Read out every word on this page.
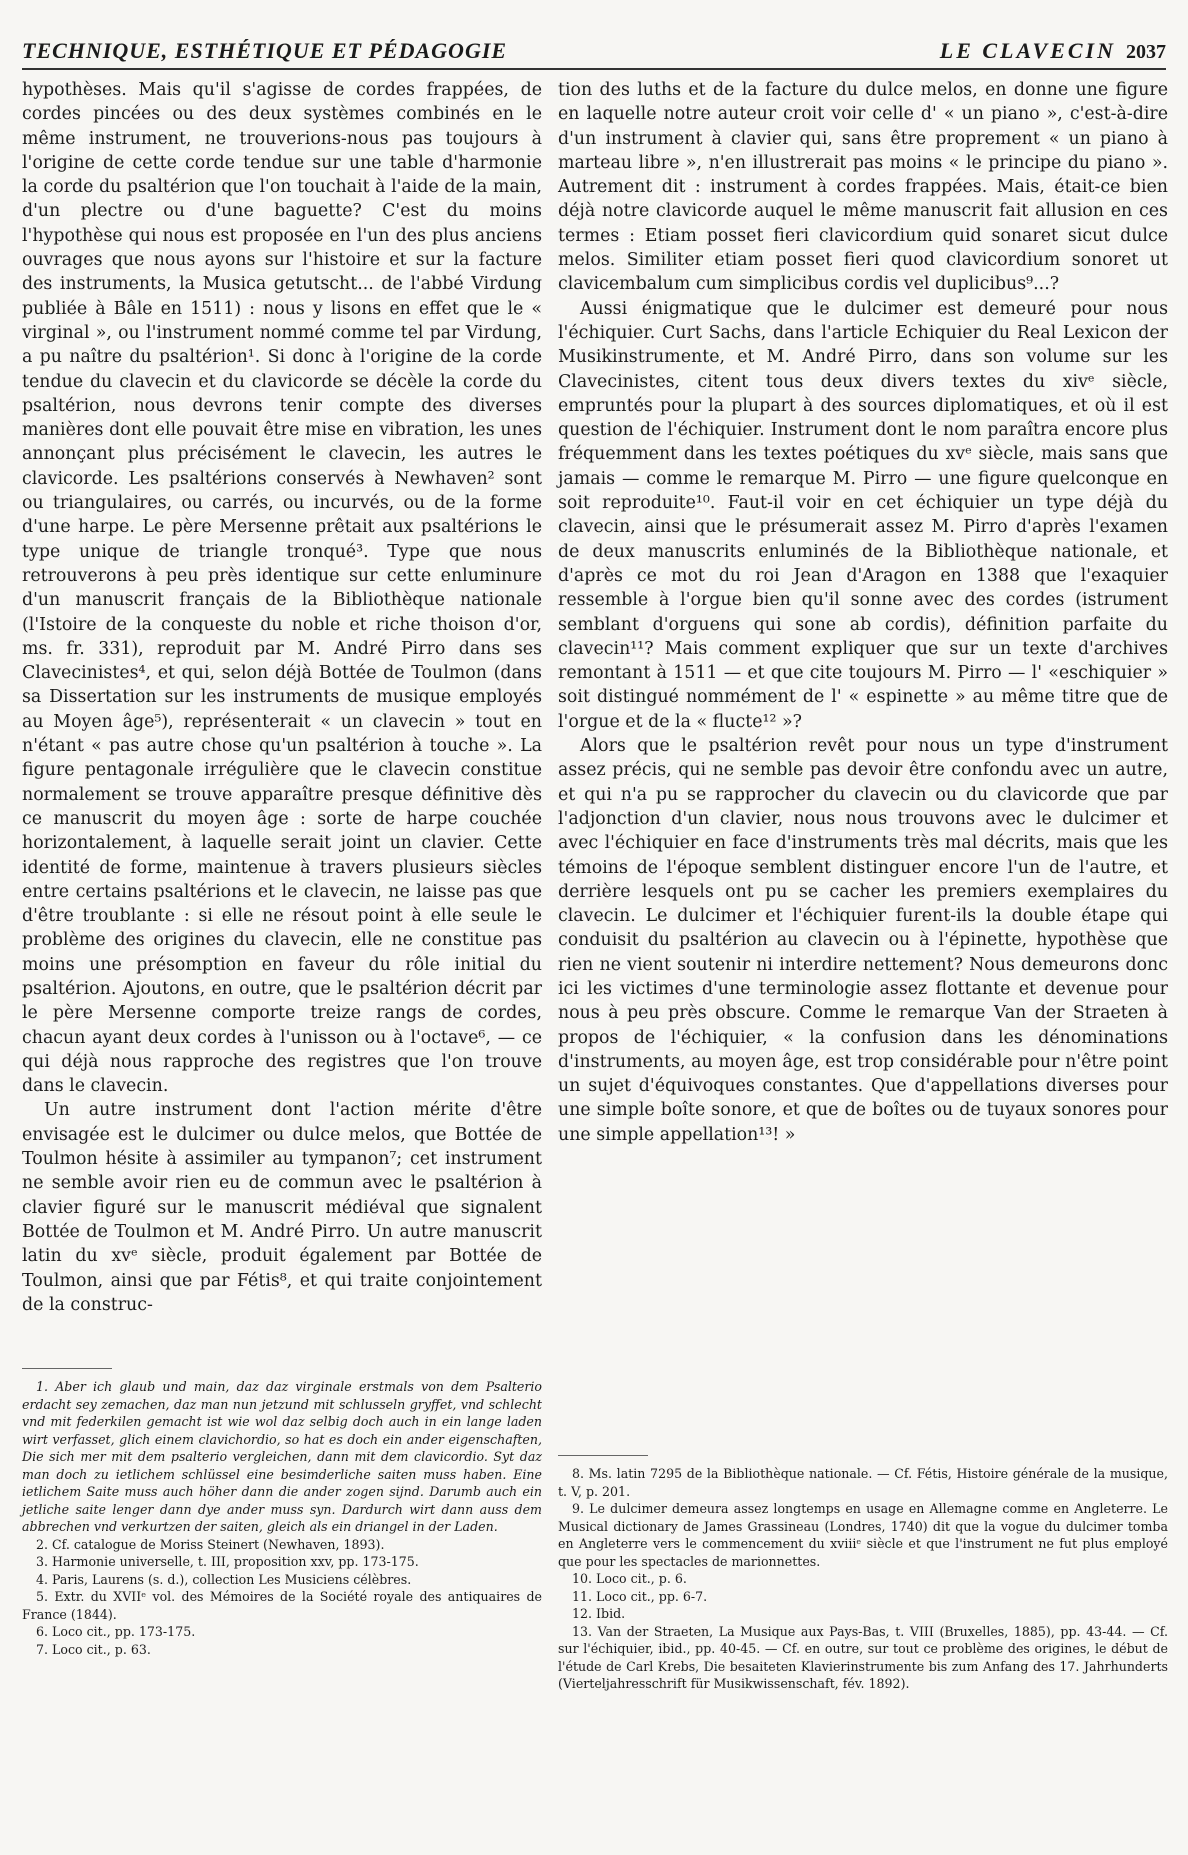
TECHNIQUE, ESTHÉTIQUE ET PÉDAGOGIE	LE CLAVECIN 2037

hypothèses. Mais qu'il s'agisse de cordes frappées, de cordes pincées ou des deux systèmes combinés en le même instrument, ne trouverions-nous pas toujours à l'origine de cette corde tendue sur une table d'harmonie la corde du psaltérion que l'on touchait à l'aide de la main, d'un plectre ou d'une baguette? C'est du moins l'hypothèse qui nous est proposée en l'un des plus anciens ouvrages que nous ayons sur l'histoire et sur la facture des instruments, la Musica getutscht... de l'abbé Virdung publiée à Bâle en 1511) : nous y lisons en effet que le « virginal », ou l'instrument nommé comme tel par Virdung, a pu naître du psaltérion¹. Si donc à l'origine de la corde tendue du clavecin et du clavicorde se décèle la corde du psaltérion, nous devrons tenir compte des diverses manières dont elle pouvait être mise en vibration, les unes annonçant plus précisément le clavecin, les autres le clavicorde. Les psaltérions conservés à Newhaven² sont ou triangulaires, ou carrés, ou incurvés, ou de la forme d'une harpe. Le père Mersenne prêtait aux psaltérions le type unique de triangle tronqué³. Type que nous retrouverons à peu près identique sur cette enluminure d'un manuscrit français de la Bibliothèque nationale (l'Istoire de la conqueste du noble et riche thoison d'or, ms. fr. 331), reproduit par M. André Pirro dans ses Clavecinistes⁴, et qui, selon déjà Bottée de Toulmon (dans sa Dissertation sur les instruments de musique employés au Moyen âge⁵), représenterait « un clavecin » tout en n'étant « pas autre chose qu'un psaltérion à touche ». La figure pentagonale irrégulière que le clavecin constitue normalement se trouve apparaître presque définitive dès ce manuscrit du moyen âge : sorte de harpe couchée horizontalement, à laquelle serait joint un clavier. Cette identité de forme, maintenue à travers plusieurs siècles entre certains psaltérions et le clavecin, ne laisse pas que d'être troublante : si elle ne résout point à elle seule le problème des origines du clavecin, elle ne constitue pas moins une présomption en faveur du rôle initial du psaltérion. Ajoutons, en outre, que le psaltérion décrit par le père Mersenne comporte treize rangs de cordes, chacun ayant deux cordes à l'unisson ou à l'octave⁶, — ce qui déjà nous rapproche des registres que l'on trouve dans le clavecin.

Un autre instrument dont l'action mérite d'être envisagée est le dulcimer ou dulce melos, que Bottée de Toulmon hésite à assimiler au tympanon⁷; cet instrument ne semble avoir rien eu de commun avec le psaltérion à clavier figuré sur le manuscrit médiéval que signalent Bottée de Toulmon et M. André Pirro. Un autre manuscrit latin du xvᵉ siècle, produit également par Bottée de Toulmon, ainsi que par Fétis⁸, et qui traite conjointement de la construc-

tion des luths et de la facture du dulce melos, en donne une figure en laquelle notre auteur croit voir celle d' « un piano », c'est-à-dire d'un instrument à clavier qui, sans être proprement « un piano à marteau libre », n'en illustrerait pas moins « le principe du piano ». Autrement dit : instrument à cordes frappées. Mais, était-ce bien déjà notre clavicorde auquel le même manuscrit fait allusion en ces termes : Etiam posset fieri clavicordium quid sonaret sicut dulce melos. Similiter etiam posset fieri quod clavicordium sonoret ut clavicembalum cum simplicibus cordis vel duplicibus⁹...?

Aussi énigmatique que le dulcimer est demeuré pour nous l'échiquier. Curt Sachs, dans l'article Echiquier du Real Lexicon der Musikinstrumente, et M. André Pirro, dans son volume sur les Clavecinistes, citent tous deux divers textes du xivᵉ siècle, empruntés pour la plupart à des sources diplomatiques, et où il est question de l'échiquier. Instrument dont le nom paraîtra encore plus fréquemment dans les textes poétiques du xvᵉ siècle, mais sans que jamais — comme le remarque M. Pirro — une figure quelconque en soit reproduite¹⁰. Faut-il voir en cet échiquier un type déjà du clavecin, ainsi que le présumerait assez M. Pirro d'après l'examen de deux manuscrits enluminés de la Bibliothèque nationale, et d'après ce mot du roi Jean d'Aragon en 1388 que l'exaquier ressemble à l'orgue bien qu'il sonne avec des cordes (istrument semblant d'orguens qui sone ab cordis), définition parfaite du clavecin¹¹? Mais comment expliquer que sur un texte d'archives remontant à 1511 — et que cite toujours M. Pirro — l' «eschiquier » soit distingué nommément de l' « espinette » au même titre que de l'orgue et de la « flucte¹² »?

Alors que le psaltérion revêt pour nous un type d'instrument assez précis, qui ne semble pas devoir être confondu avec un autre, et qui n'a pu se rapprocher du clavecin ou du clavicorde que par l'adjonction d'un clavier, nous nous trouvons avec le dulcimer et avec l'échiquier en face d'instruments très mal décrits, mais que les témoins de l'époque semblent distinguer encore l'un de l'autre, et derrière lesquels ont pu se cacher les premiers exemplaires du clavecin. Le dulcimer et l'échiquier furent-ils la double étape qui conduisit du psaltérion au clavecin ou à l'épinette, hypothèse que rien ne vient soutenir ni interdire nettement? Nous demeurons donc ici les victimes d'une terminologie assez flottante et devenue pour nous à peu près obscure. Comme le remarque Van der Straeten à propos de l'échiquier, « la confusion dans les dénominations d'instruments, au moyen âge, est trop considérable pour n'être point un sujet d'équivoques constantes. Que d'appellations diverses pour une simple boîte sonore, et que de boîtes ou de tuyaux sonores pour une simple appellation¹³! »

1. Aber ich glaub und main, daz daz virginale erstmals von dem Psalterio erdacht sey zemachen, daz man nun jetzund mit schlusseln gryffet, vnd schlecht vnd mit federkilen gemacht ist wie wol daz selbig doch auch in ein lange laden wirt verfasset, glich einem clavichordio, so hat es doch ein ander eigenschaften, Die sich mer mit dem psalterio vergleichen, dann mit dem clavicordio. Syt daz man doch zu ietlichem schlüssel eine besimderliche saiten muss haben. Eine ietlichem Saite muss auch höher dann die ander zogen sijnd. Darumb auch ein jetliche saite lenger dann dye ander muss syn. Dardurch wirt dann auss dem abbrechen vnd verkurtzen der saiten, gleich als ein driangel in der Laden.

2. Cf. catalogue de Moriss Steinert (Newhaven, 1893).

3. Harmonie universelle, t. III, proposition xxv, pp. 173-175.

4. Paris, Laurens (s. d.), collection Les Musiciens célèbres.

5. Extr. du XVIIᵉ vol. des Mémoires de la Société royale des antiquaires de France (1844).

6. Loco cit., pp. 173-175.

7. Loco cit., p. 63.

8. Ms. latin 7295 de la Bibliothèque nationale. — Cf. Fétis, Histoire générale de la musique, t. V, p. 201.

9. Le dulcimer demeura assez longtemps en usage en Allemagne comme en Angleterre. Le Musical dictionary de James Grassineau (Londres, 1740) dit que la vogue du dulcimer tomba en Angleterre vers le commencement du xviiiᵉ siècle et que l'instrument ne fut plus employé que pour les spectacles de marionnettes.

10. Loco cit., p. 6.

11. Loco cit., pp. 6-7.

12. Ibid.

13. Van der Straeten, La Musique aux Pays-Bas, t. VIII (Bruxelles, 1885), pp. 43-44. — Cf. sur l'échiquier, ibid., pp. 40-45. — Cf. en outre, sur tout ce problème des origines, le début de l'étude de Carl Krebs, Die besaiteten Klavierinstrumente bis zum Anfang des 17. Jahrhunderts (Vierteljahresschrift für Musikwissenschaft, fév. 1892).
